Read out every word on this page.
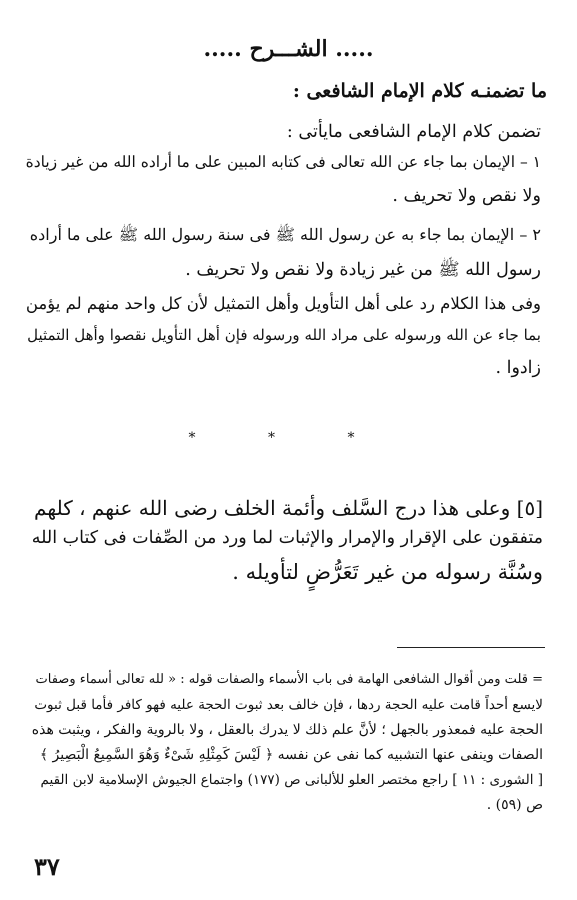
..... الشـــرح .....
ما تضمنـه كلام الإمام الشافعى :
تضمن كلام الإمام الشافعى مايأتى :
١ – الإيمان بما جاء عن الله تعالى فى كتابه المبين على ما أراده الله من غير زيادة
ولا نقص ولا تحريف .
٢ – الإيمان بما جاء به عن رسول الله ﷺ فى سنة رسول الله ﷺ على ما أراده
رسول الله ﷺ من غير زيادة ولا نقص ولا تحريف .
وفى هذا الكلام رد على أهل التأويل وأهل التمثيل لأن كل واحد منهم لم يؤمن
بما جاء عن الله ورسوله على مراد الله ورسوله فإن أهل التأويل نقصوا وأهل التمثيل
زادوا .
* * *
[٥] وعلى هذا درج السَّلف وأئمة الخلف رضى الله عنهم ، كلهم
متفقون على الإقرار والإمرار والإثبات لما ورد من الصِّفات فى كتاب الله
وسُنَّة رسوله من غير تَعَرُّضٍ لتأويله .
= قلت ومن أقوال الشافعى الهامة فى باب الأسماء والصفات قوله : « لله تعالى أسماء وصفات
لايسع أحداً قامت عليه الحجة ردها ، فإن خالف بعد ثبوت الحجة عليه فهو كافر فأما قبل ثبوت
الحجة عليه فمعذور بالجهل ؛ لأنَّ علم ذلك لا يدرك بالعقل ، ولا بالروية والفكر ، ويثبت هذه
الصفات وينفى عنها التشبيه كما نفى عن نفسه ﴿ لَيْسَ كَمِثْلِهِ شَىْءٌ وَهُوَ السَّمِيعُ الْبَصِيرُ ﴾
[ الشورى : ١١ ] راجع مختصر العلو للألبانى ص (١٧٧) واجتماع الجيوش الإسلامية لابن القيم
ص (٥٩) .
٣٧
